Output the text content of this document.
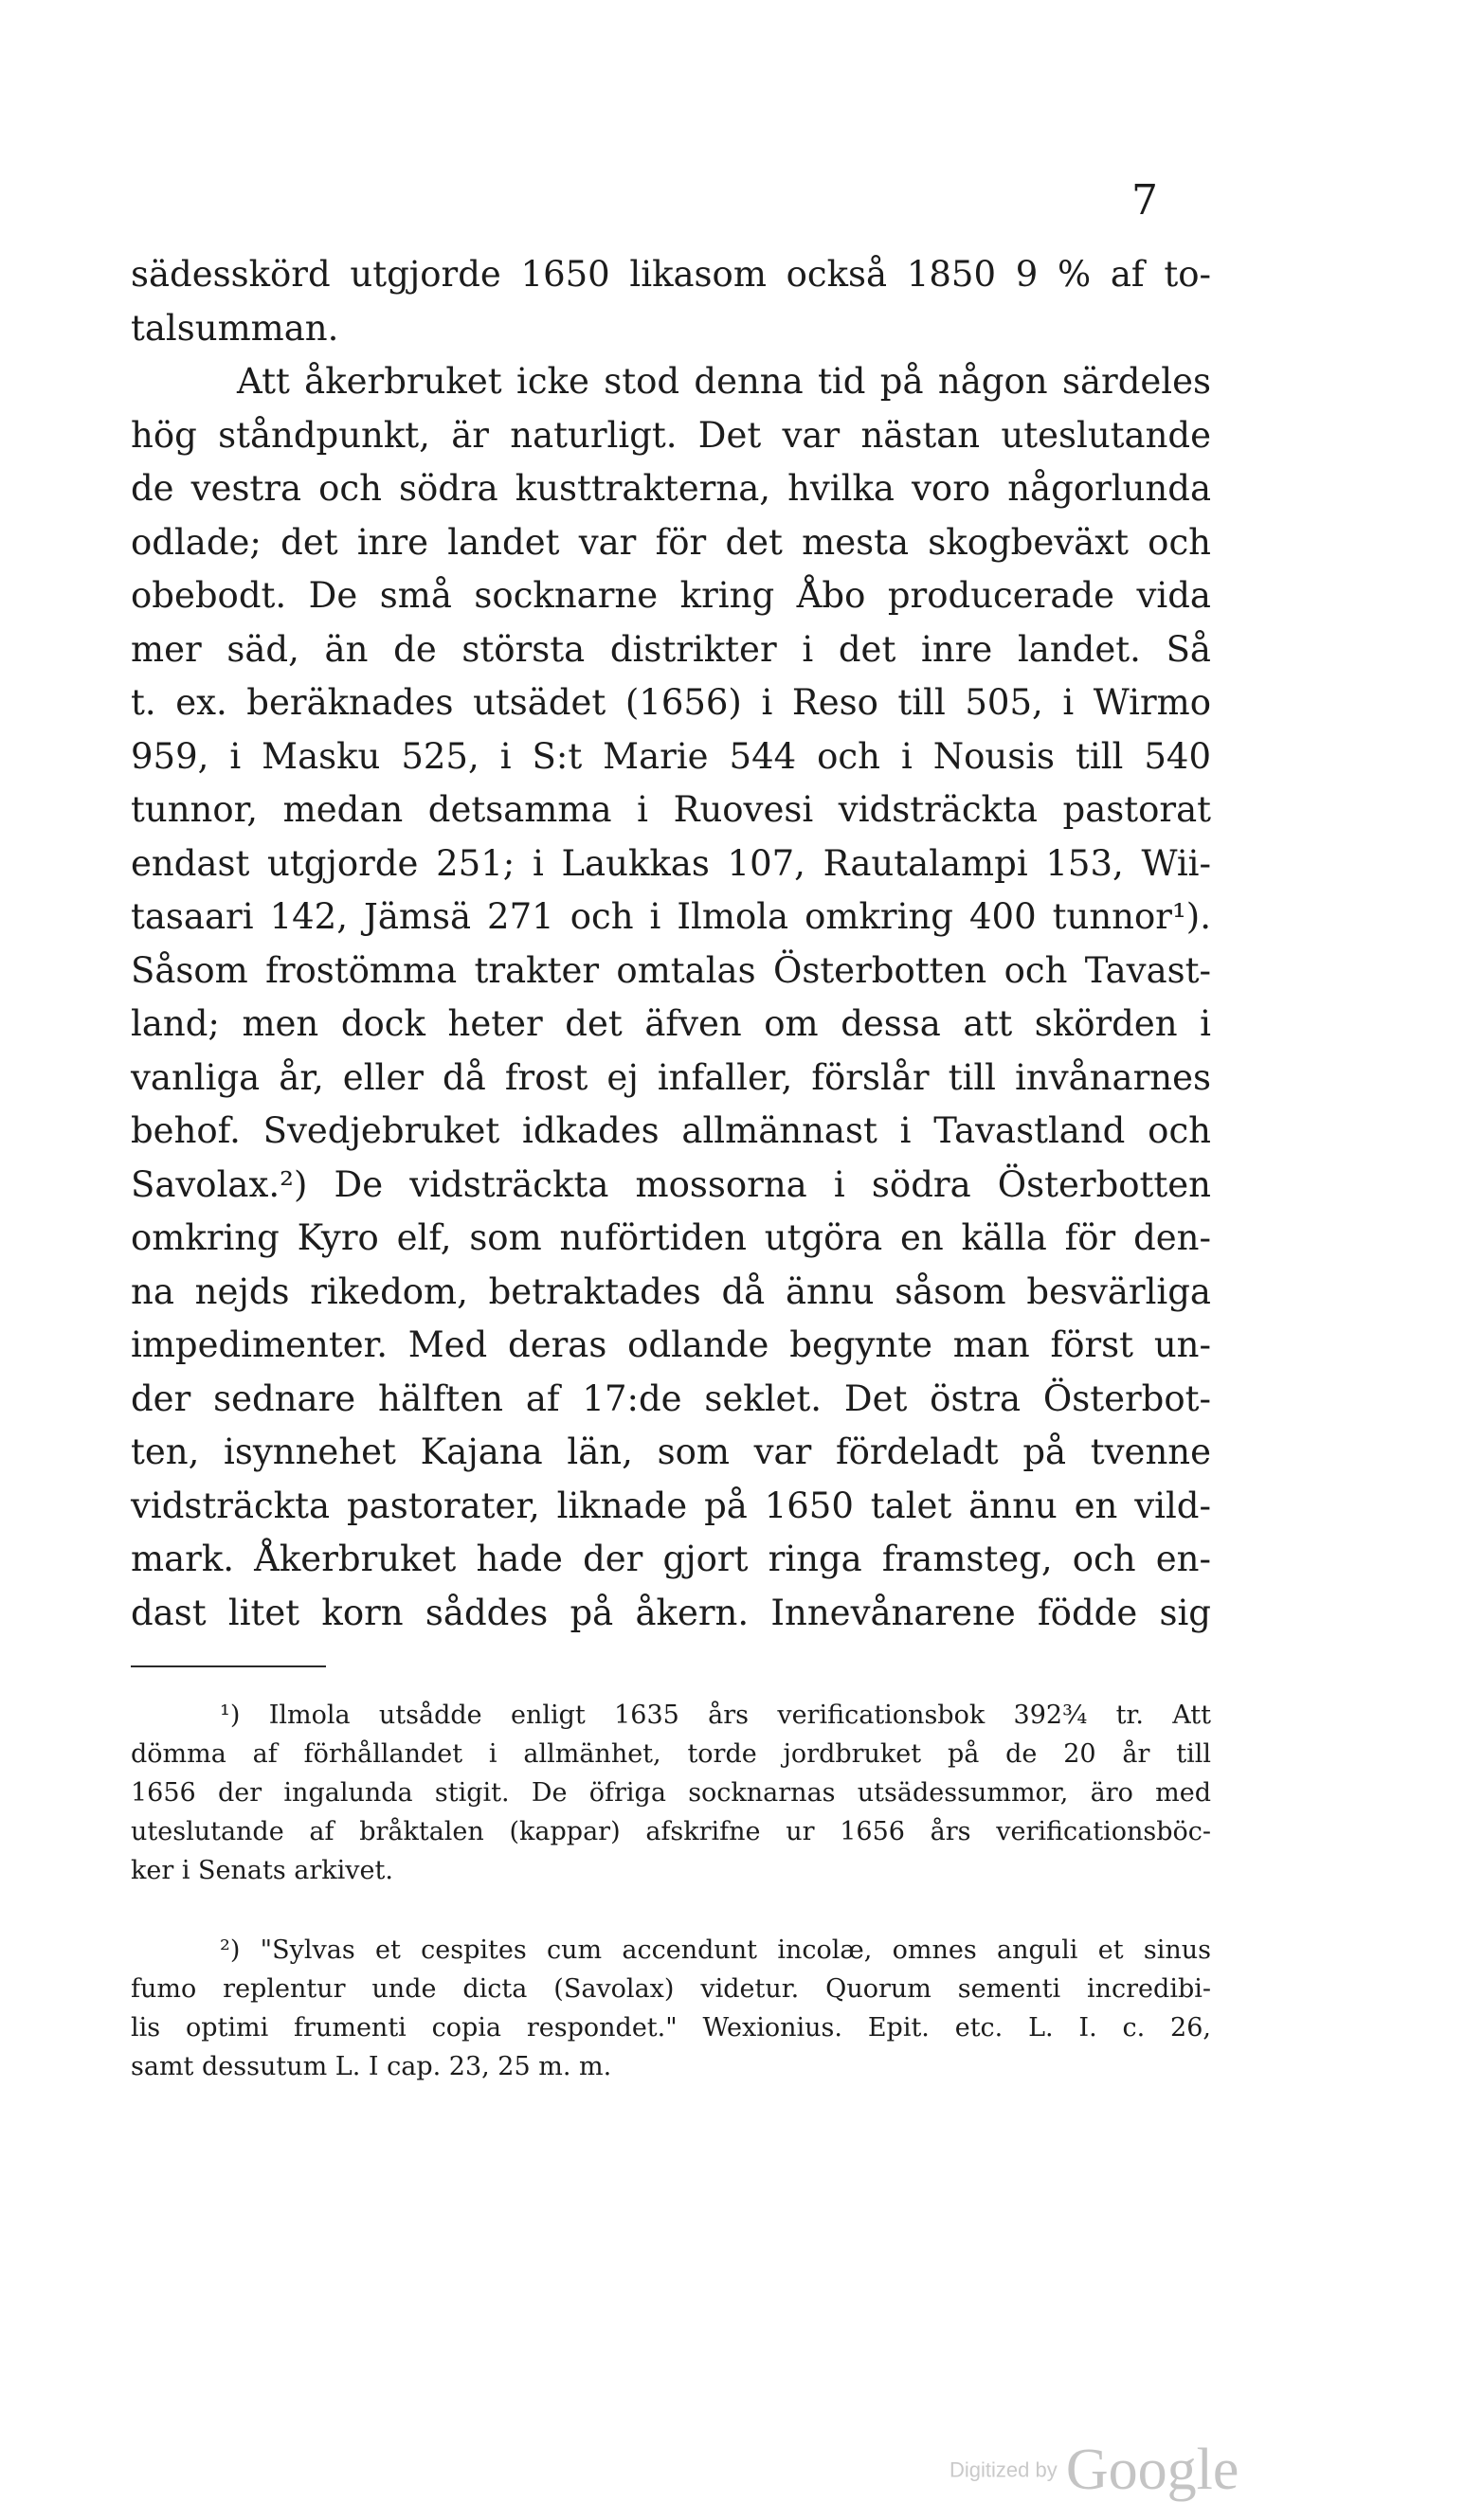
7
sädesskörd utgjorde 1650 likasom också 1850 9 % af to-
talsumman.
Att åkerbruket icke stod denna tid på någon särdeles
hög ståndpunkt, är naturligt. Det var nästan uteslutande
de vestra och södra kusttrakterna, hvilka voro någorlunda
odlade; det inre landet var för det mesta skogbeväxt och
obebodt. De små socknarne kring Åbo producerade vida
mer säd, än de största distrikter i det inre landet. Så
t. ex. beräknades utsädet (1656) i Reso till 505, i Wirmo
959, i Masku 525, i S:t Marie 544 och i Nousis till 540
tunnor, medan detsamma i Ruovesi vidsträckta pastorat
endast utgjorde 251; i Laukkas 107, Rautalampi 153, Wii-
tasaari 142, Jämsä 271 och i Ilmola omkring 400 tunnor¹).
Såsom frostömma trakter omtalas Österbotten och Tavast-
land; men dock heter det äfven om dessa att skörden i
vanliga år, eller då frost ej infaller, förslår till invånarnes
behof. Svedjebruket idkades allmännast i Tavastland och
Savolax.²) De vidsträckta mossorna i södra Österbotten
omkring Kyro elf, som nuförtiden utgöra en källa för den-
na nejds rikedom, betraktades då ännu såsom besvärliga
impedimenter. Med deras odlande begynte man först un-
der sednare hälften af 17:de seklet. Det östra Österbot-
ten, isynnehet Kajana län, som var fördeladt på tvenne
vidsträckta pastorater, liknade på 1650 talet ännu en vild-
mark. Åkerbruket hade der gjort ringa framsteg, och en-
dast litet korn såddes på åkern. Innevånarene födde sig
¹) Ilmola utsådde enligt 1635 års verificationsbok 392¾ tr. Att
dömma af förhållandet i allmänhet, torde jordbruket på de 20 år till
1656 der ingalunda stigit. De öfriga socknarnas utsädessummor, äro med
uteslutande af bråktalen (kappar) afskrifne ur 1656 års verificationsböc-
ker i Senats arkivet.
²) "Sylvas et cespites cum accendunt incolæ, omnes anguli et sinus
fumo replentur unde dicta (Savolax) videtur. Quorum sementi incredibi-
lis optimi frumenti copia respondet." Wexionius. Epit. etc. L. I. c. 26,
samt dessutum L. I cap. 23, 25 m. m.
Digitized by Google
